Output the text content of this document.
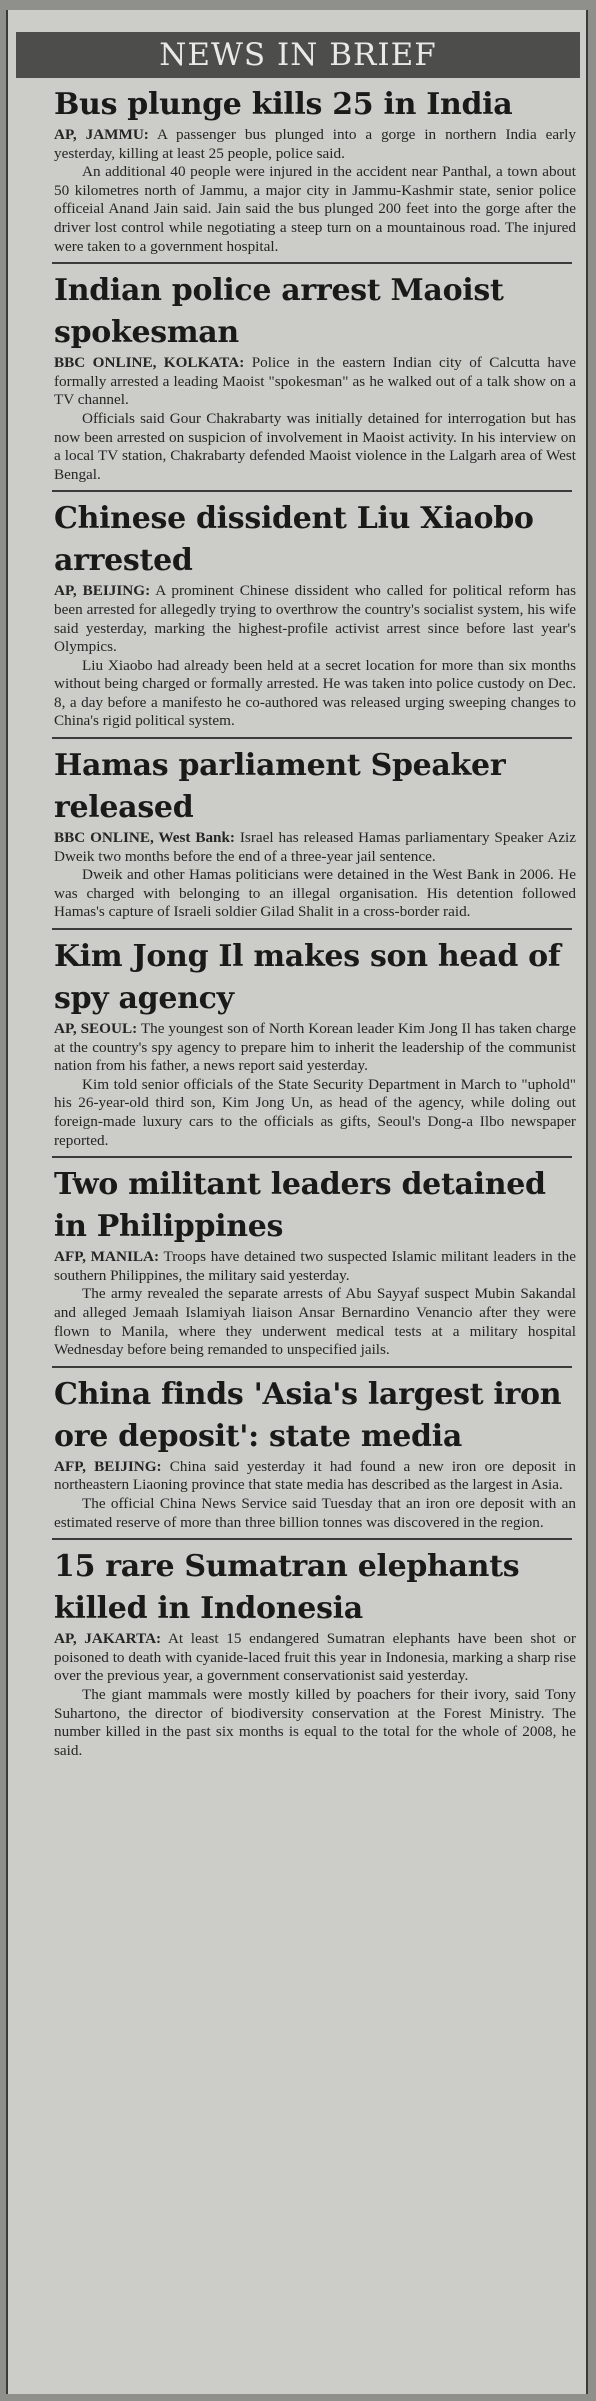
NEWS IN BRIEF
Bus plunge kills 25 in India

AP, JAMMU: A passenger bus plunged into a gorge in northern India early yesterday, killing at least 25 people, police said.

An additional 40 people were injured in the accident near Panthal, a town about 50 kilometres north of Jammu, a major city in Jammu-Kashmir state, senior police officeial Anand Jain said. Jain said the bus plunged 200 feet into the gorge after the driver lost control while negotiating a steep turn on a mountainous road. The injured were taken to a government hospital.

Indian police arrest Maoist spokesman

BBC ONLINE, KOLKATA: Police in the eastern Indian city of Calcutta have formally arrested a leading Maoist "spokesman" as he walked out of a talk show on a TV channel.

Officials said Gour Chakrabarty was initially detained for interrogation but has now been arrested on suspicion of involvement in Maoist activity. In his interview on a local TV station, Chakrabarty defended Maoist violence in the Lalgarh area of West Bengal.

Chinese dissident Liu Xiaobo arrested

AP, BEIJING: A prominent Chinese dissident who called for political reform has been arrested for allegedly trying to overthrow the country's socialist system, his wife said yesterday, marking the highest-profile activist arrest since before last year's Olympics.

Liu Xiaobo had already been held at a secret location for more than six months without being charged or formally arrested. He was taken into police custody on Dec. 8, a day before a manifesto he co-authored was released urging sweeping changes to China's rigid political system.

Hamas parliament Speaker released

BBC ONLINE, West Bank: Israel has released Hamas parliamentary Speaker Aziz Dweik two months before the end of a three-year jail sentence.

Dweik and other Hamas politicians were detained in the West Bank in 2006. He was charged with belonging to an illegal organisation. His detention followed Hamas's capture of Israeli soldier Gilad Shalit in a cross-border raid.

Kim Jong Il makes son head of spy agency

AP, SEOUL: The youngest son of North Korean leader Kim Jong Il has taken charge at the country's spy agency to prepare him to inherit the leadership of the communist nation from his father, a news report said yesterday.

Kim told senior officials of the State Security Department in March to "uphold" his 26-year-old third son, Kim Jong Un, as head of the agency, while doling out foreign-made luxury cars to the officials as gifts, Seoul's Dong-a Ilbo newspaper reported.

Two militant leaders detained in Philippines

AFP, MANILA: Troops have detained two suspected Islamic militant leaders in the southern Philippines, the military said yesterday.

The army revealed the separate arrests of Abu Sayyaf suspect Mubin Sakandal and alleged Jemaah Islamiyah liaison Ansar Bernardino Venancio after they were flown to Manila, where they underwent medical tests at a military hospital Wednesday before being remanded to unspecified jails.

China finds 'Asia's largest iron ore deposit': state media

AFP, BEIJING: China said yesterday it had found a new iron ore deposit in northeastern Liaoning province that state media has described as the largest in Asia.

The official China News Service said Tuesday that an iron ore deposit with an estimated reserve of more than three billion tonnes was discovered in the region.

15 rare Sumatran elephants killed in Indonesia

AP, JAKARTA: At least 15 endangered Sumatran elephants have been shot or poisoned to death with cyanide-laced fruit this year in Indonesia, marking a sharp rise over the previous year, a government conservationist said yesterday.

The giant mammals were mostly killed by poachers for their ivory, said Tony Suhartono, the director of biodiversity conservation at the Forest Ministry. The number killed in the past six months is equal to the total for the whole of 2008, he said.
